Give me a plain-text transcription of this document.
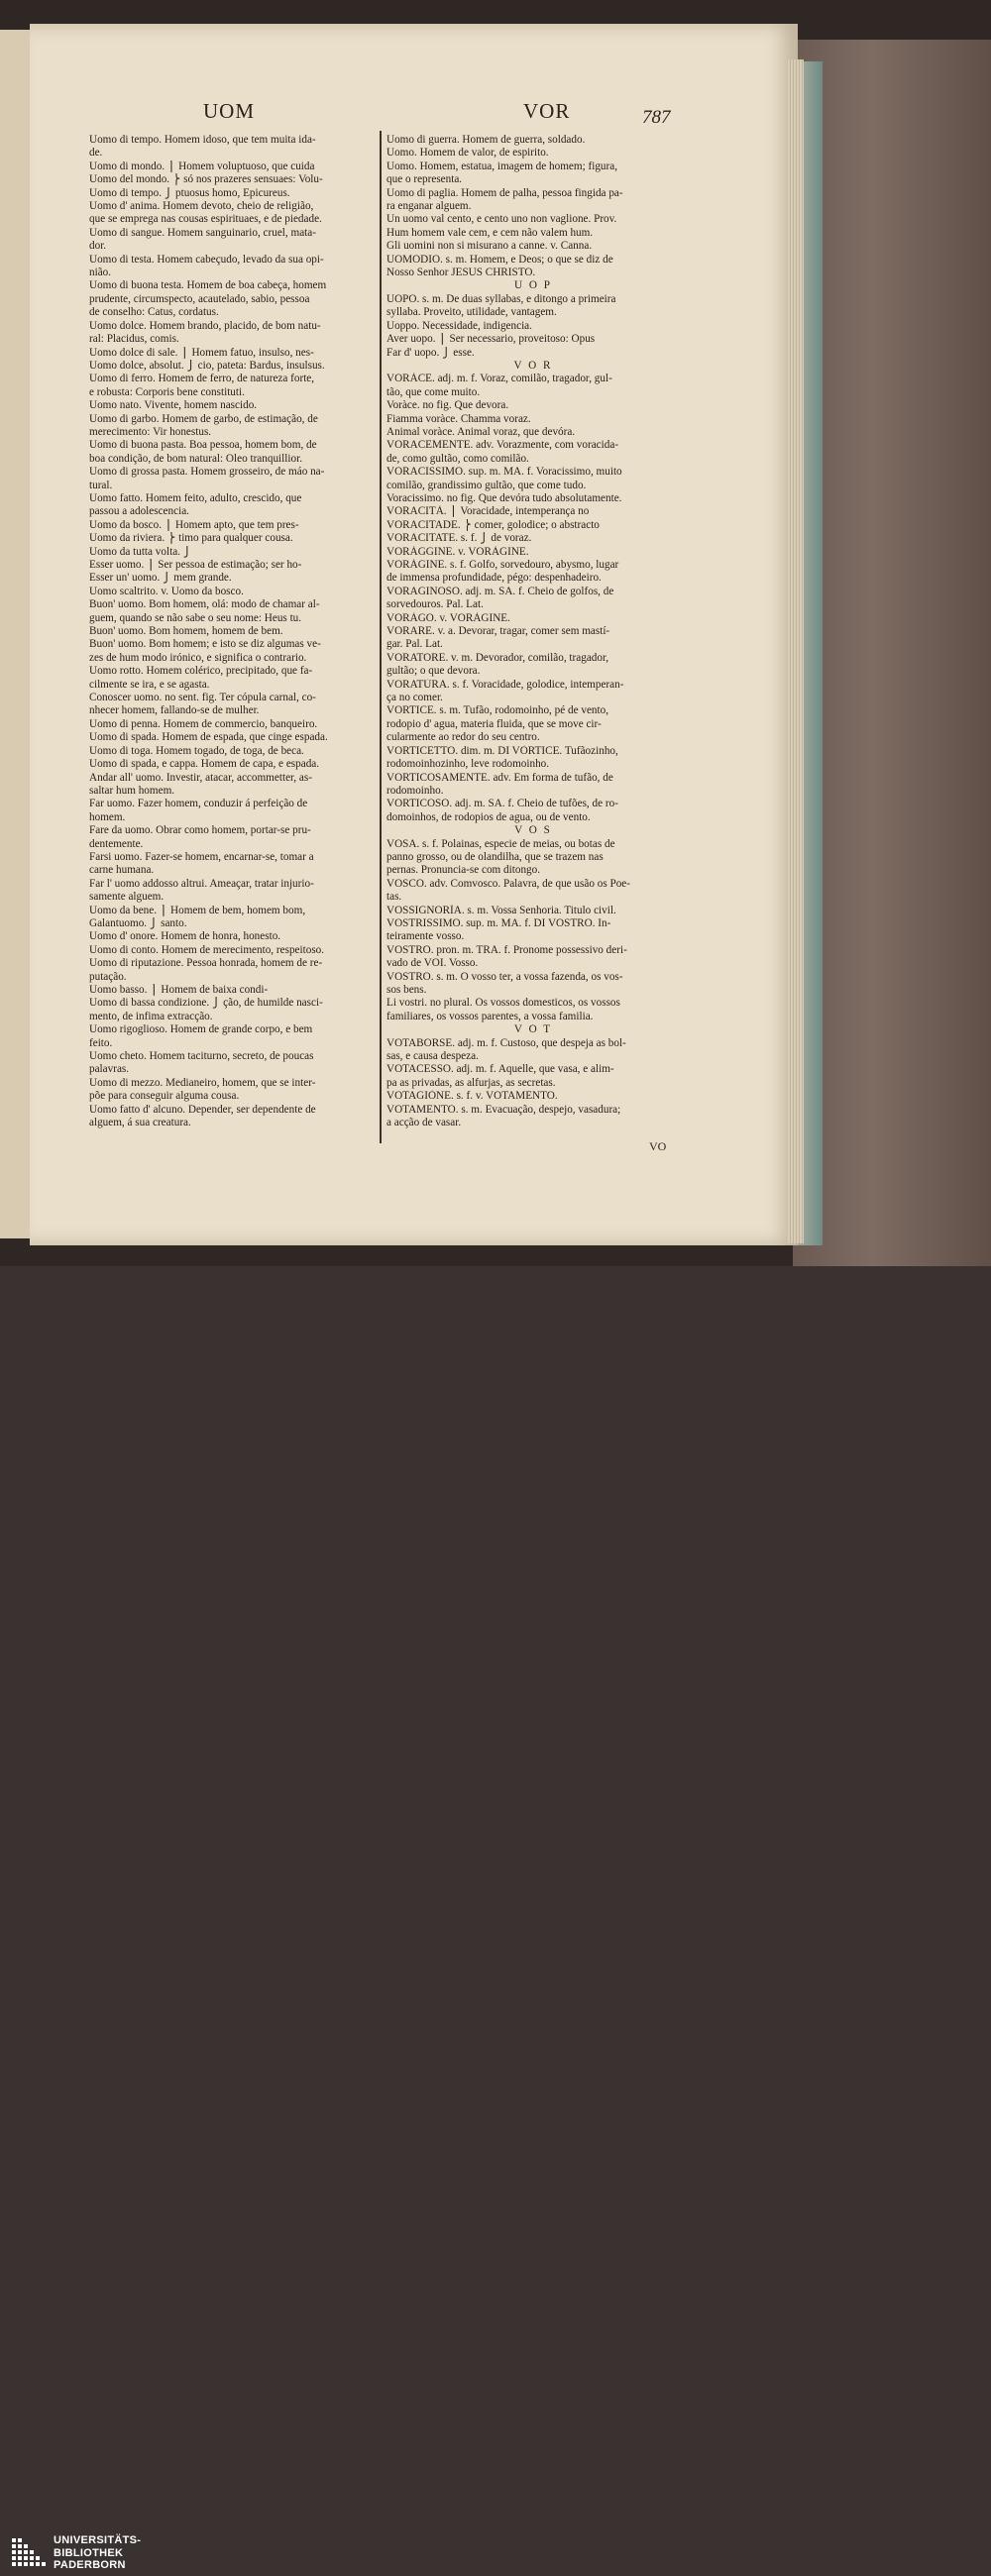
UOM	VOR	787
Uomo di tempo. Homem idoso, que tem muita ida-
de.
Uomo di mondo. ⎫ Homem voluptuoso, que cuida
Uomo del mondo. ⎬ só nos prazeres sensuaes: Volu-
Uomo di tempo. ⎭ ptuosus homo, Epicureus.
Uomo d' anima. Homem devoto, cheio de religião,
que se emprega nas cousas espirituaes, e de piedade.
Uomo di sangue. Homem sanguinario, cruel, mata-
dor.
Uomo di testa. Homem cabeçudo, levado da sua opi-
nião.
Uomo di buona testa. Homem de boa cabeça, homem
prudente, circumspecto, acautelado, sabio, pessoa
de conselho: Catus, cordatus.
Uomo dolce. Homem brando, placido, de bom natu-
ral: Placidus, comis.
Uomo dolce di sale. ⎫ Homem fatuo, insulso, nes-
Uomo dolce, absolut. ⎭ cio, pateta: Bardus, insulsus.
Uomo di ferro. Homem de ferro, de natureza forte,
e robusta: Corporis bene constituti.
Uomo nato. Vivente, homem nascido.
Uomo di garbo. Homem de garbo, de estimação, de
merecimento: Vir honestus.
Uomo di buona pasta. Boa pessoa, homem bom, de
boa condição, de bom natural: Oleo tranquillior.
Uomo di grossa pasta. Homem grosseiro, de máo na-
tural.
Uomo fatto. Homem feito, adulto, crescido, que
passou a adolescencia.
Uomo da bosco. ⎫ Homem apto, que tem pres-
Uomo da riviera. ⎬ timo para qualquer cousa.
Uomo da tutta volta. ⎭
Esser uomo. ⎫ Ser pessoa de estimação; ser ho-
Esser un' uomo. ⎭ mem grande.
Uomo scaltrito. v. Uomo da bosco.
Buon' uomo. Bom homem, olá: modo de chamar al-
guem, quando se não sabe o seu nome: Heus tu.
Buon' uomo. Bom homem, homem de bem.
Buon' uomo. Bom homem; e isto se diz algumas ve-
zes de hum modo irónico, e significa o contrario.
Uomo rotto. Homem colérico, precipitado, que fa-
cilmente se ira, e se agasta.
Conoscer uomo. no sent. fig. Ter cópula carnal, co-
nhecer homem, fallando-se de mulher.
Uomo di penna. Homem de commercio, banqueiro.
Uomo di spada. Homem de espada, que cinge espada.
Uomo di toga. Homem togado, de toga, de beca.
Uomo di spada, e cappa. Homem de capa, e espada.
Andar all' uomo. Investir, atacar, accommetter, as-
saltar hum homem.
Far uomo. Fazer homem, conduzir á perfeição de
homem.
Fare da uomo. Obrar como homem, portar-se pru-
dentemente.
Farsi uomo. Fazer-se homem, encarnar-se, tomar a
carne humana.
Far l' uomo addosso altrui. Ameaçar, tratar injurio-
samente alguem.
Uomo da bene. ⎫ Homem de bem, homem bom,
Galantuomo. ⎭ santo.
Uomo d' onore. Homem de honra, honesto.
Uomo di conto. Homem de merecimento, respeitoso.
Uomo di riputazione. Pessoa honrada, homem de re-
putação.
Uomo basso. ⎫ Homem de baixa condi-
Uomo di bassa condizione. ⎭ ção, de humilde nasci-
mento, de infima extracção.
Uomo rigoglioso. Homem de grande corpo, e bem
feito.
Uomo cheto. Homem taciturno, secreto, de poucas
palavras.
Uomo di mezzo. Medianeiro, homem, que se inter-
põe para conseguir alguma cousa.
Uomo fatto d' alcuno. Depender, ser dependente de
alguem, á sua creatura.
Uomo di guerra. Homem de guerra, soldado.
Uomo. Homem de valor, de espirito.
Uomo. Homem, estatua, imagem de homem; figura,
que o representa.
Uomo di paglia. Homem de palha, pessoa fingida pa-
ra enganar alguem.
Un uomo val cento, e cento uno non vaglione. Prov.
Hum homem vale cem, e cem não valem hum.
Gli uomini non si misurano a canne. v. Canna.
UOMODIO. s. m. Homem, e Deos; o que se diz de
Nosso Senhor JESUS CHRISTO.
U O P
UOPO. s. m. De duas syllabas, e ditongo a primeira
syllaba. Proveito, utilidade, vantagem.
Uoppo. Necessidade, indigencia.
Aver uopo. ⎫ Ser necessario, proveitoso: Opus
Far d' uopo. ⎭ esse.
V O R
VORÀCE. adj. m. f. Voraz, comilão, tragador, gul-
tão, que come muito.
Voràce. no fig. Que devora.
Fiamma voràce. Chamma voraz.
Animal voràce. Animal voraz, que devóra.
VORACEMENTE. adv. Vorazmente, com voracida-
de, como gultão, como comilão.
VORACISSIMO. sup. m. MA. f. Voracissimo, muito
comilão, grandissimo gultão, que come tudo.
Voracissimo. no fig. Que devóra tudo absolutamente.
VORACITÀ. ⎫ Voracidade, intemperança no
VORACITADE. ⎬ comer, golodice; o abstracto
VORACITATE. s. f. ⎭ de voraz.
VORÀGGINE. v. VORÀGINE.
VORÀGINE. s. f. Golfo, sorvedouro, abysmo, lugar
de immensa profundidade, pégo: despenhadeiro.
VORAGINOSO. adj. m. SA. f. Cheio de golfos, de
sorvedouros. Pal. Lat.
VORÀGO. v. VORÀGINE.
VORARE. v. a. Devorar, tragar, comer sem mastí-
gar. Pal. Lat.
VORATORE. v. m. Devorador, comilão, tragador,
gultão; o que devora.
VORATÙRA. s. f. Voracidade, golodice, intemperan-
ça no comer.
VORTICE. s. m. Tufão, rodomoinho, pé de vento,
rodopio d' agua, materia fluida, que se move cir-
cularmente ao redor do seu centro.
VORTICETTO. dim. m. DI VÒRTICE. Tufãozinho,
rodomoinhozinho, leve rodomoinho.
VORTICOSAMENTE. adv. Em forma de tufão, de
rodomoinho.
VORTICOSO. adj. m. SA. f. Cheio de tufões, de ro-
domoinhos, de rodopios de agua, ou de vento.
V O S
VOSA. s. f. Polainas, especie de meias, ou botas de
panno grosso, ou de olandilha, que se trazem nas
pernas. Pronuncia-se com ditongo.
VOSCO. adv. Comvosco. Palavra, de que usão os Poe-
tas.
VOSSIGNORÌA. s. m. Vossa Senhoria. Titulo civil.
VOSTRISSIMO. sup. m. MA. f. DI VOSTRO. In-
teiramente vosso.
VOSTRO. pron. m. TRA. f. Pronome possessivo deri-
vado de VOI. Vosso.
VOSTRO. s. m. O vosso ter, a vossa fazenda, os vos-
sos bens.
Li vostri. no plural. Os vossos domesticos, os vossos
familiares, os vossos parentes, a vossa familia.
V O T
VOTABORSE. adj. m. f. Custoso, que despeja as bol-
sas, e causa despeza.
VOTACESSO. adj. m. f. Aquelle, que vasa, e alim-
pa as privadas, as alfurjas, as secretas.
VOTAGIÒNE. s. f. v. VOTAMENTO.
VOTAMENTO. s. m. Evacuação, despejo, vasadura;
a acção de vasar.
VO
UNIVERSITÄTS-
BIBLIOTHEK
PADERBORN
